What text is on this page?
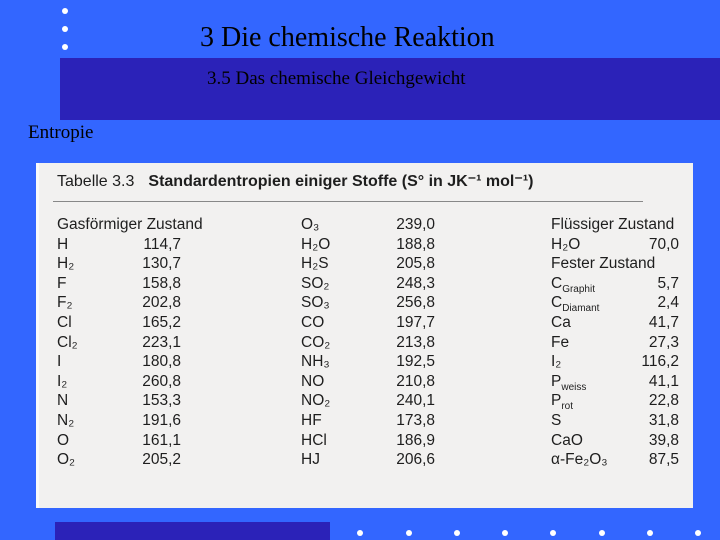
3 Die chemische Reaktion
3.5 Das chemische Gleichgewicht
Entropie
Tabelle 3.3 Standardentropien einiger Stoffe (S° in JK⁻¹ mol⁻¹)
Gasförmiger Zustand
H
H₂
F
F₂
Cl
Cl₂
I
I₂
N
N₂
O
O₂
114,7
130,7
158,8
202,8
165,2
223,1
180,8
260,8
153,3
191,6
161,1
205,2
O₃
H₂O
H₂S
SO₂
SO₃
CO
CO₂
NH₃
NO
NO₂
HF
HCl
HJ
239,0
188,8
205,8
248,3
256,8
197,7
213,8
192,5
210,8
240,1
173,8
186,9
206,6
Flüssiger Zustand
H₂O
Fester Zustand
$C_{Graphit}$
$C_{Diamant}$
Ca
Fe
I₂
$P_{weiss}$
$P_{rot}$
S
CaO
α-Fe₂O₃
70,0
5,7
2,4
41,7
27,3
116,2
41,1
22,8
31,8
39,8
87,5
